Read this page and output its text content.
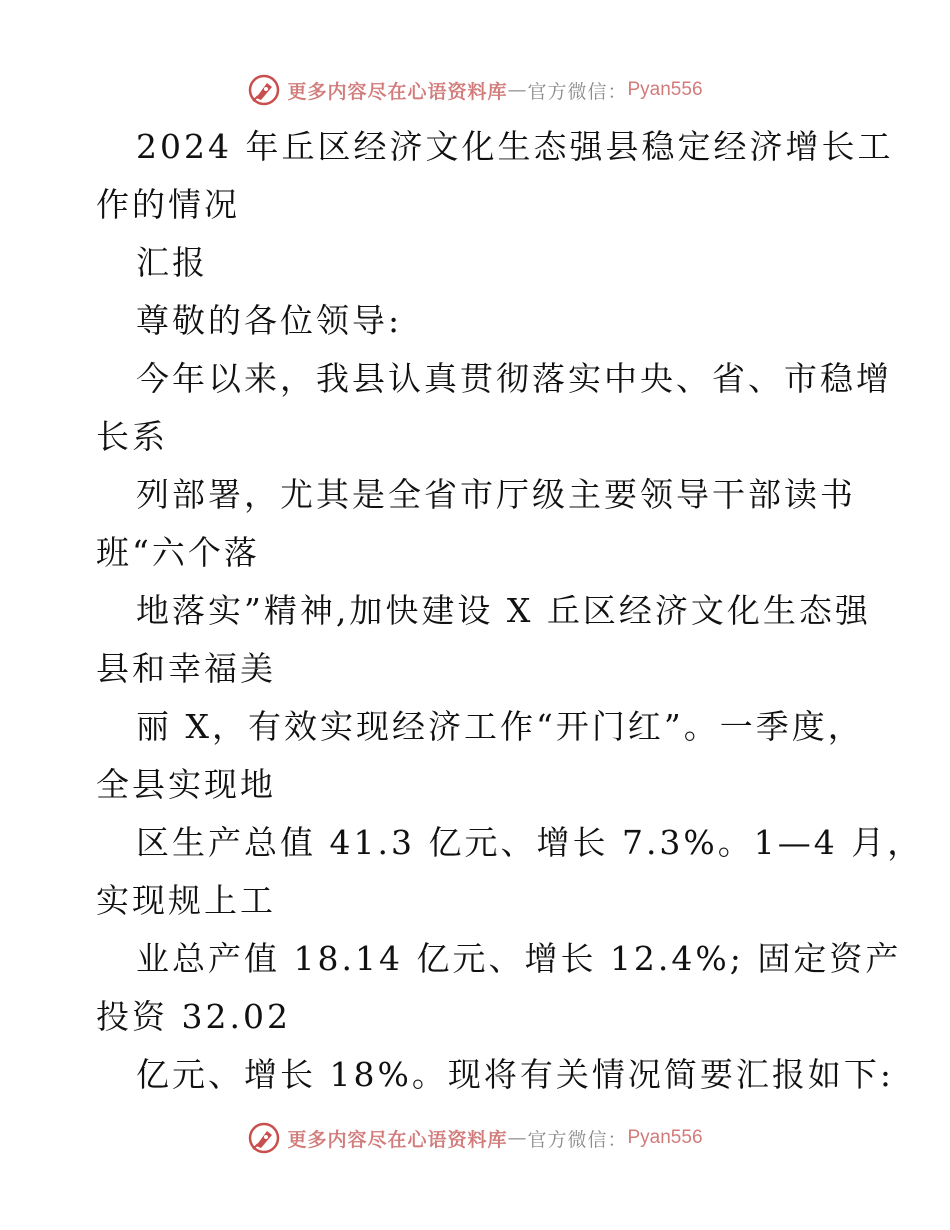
更多内容尽在心语资料库 — 官方微信： Pyan556

2024 年丘区经济文化生态强县稳定经济增长工

作的情况

汇报

尊敬的各位领导:

今年以来，我县认真贯彻落实中央、省、市稳增

长系

列部署，尤其是全省市厅级主要领导干部读书

班“六个落

地落实”精神,加快建设 X 丘区经济文化生态强

县和幸福美

丽 X，有效实现经济工作“开门红”。一季度，

全县实现地

区生产总值 41.3 亿元、增长 7.3%。1—4 月，

实现规上工

业总产值 18.14 亿元、增长 12.4%; 固定资产

投资 32.02

亿元、增长 18%。现将有关情况简要汇报如下:

更多内容尽在心语资料库 — 官方微信： Pyan556
